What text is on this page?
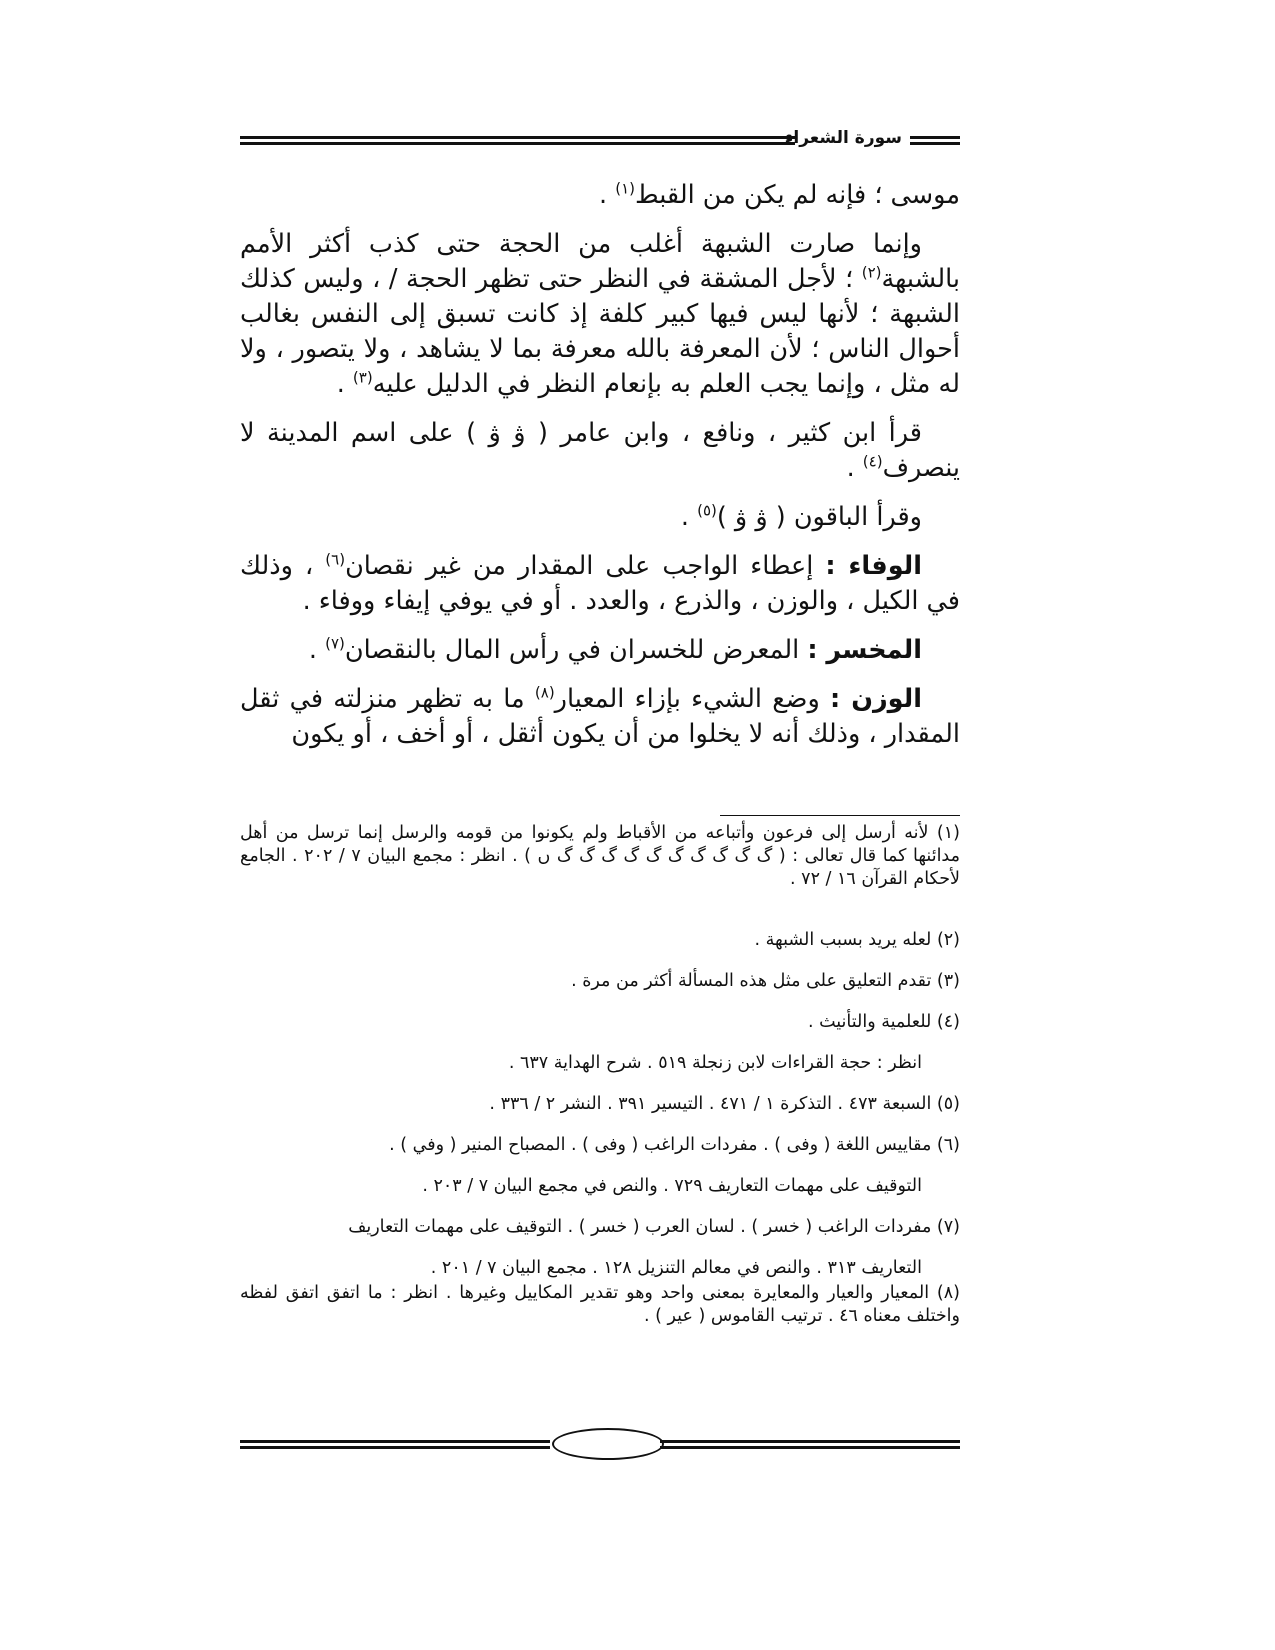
سورة الشعراء

موسى ؛ فإنه لم يكن من القبط$^{(١)}$ .

وإنما صارت الشبهة أغلب من الحجة حتى كذب أكثر الأمم بالشبهة$^{(٢)}$ ؛ لأجل المشقة في النظر حتى تظهر الحجة / ، وليس كذلك الشبهة ؛ لأنها ليس فيها كبير كلفة إذ كانت تسبق إلى النفس بغالب أحوال الناس ؛ لأن المعرفة بالله معرفة بما لا يشاهد ، ولا يتصور ، ولا له مثل ، وإنما يجب العلم به بإنعام النظر في الدليل عليه$^{(٣)}$ .

قرأ ابن كثير ، ونافع ، وابن عامر ( ۋ ۋ ) على اسم المدينة لا ينصرف$^{(٤)}$ .

وقرأ الباقون ( ۋ ۋ )$^{(٥)}$ .

الوفاء : إعطاء الواجب على المقدار من غير نقصان$^{(٦)}$ ، وذلك في الكيل ، والوزن ، والذرع ، والعدد . أو في يوفي إيفاء ووفاء .

المخسر : المعرض للخسران في رأس المال بالنقصان$^{(٧)}$ .

الوزن : وضع الشيء بإزاء المعيار$^{(٨)}$ ما به تظهر منزلته في ثقل المقدار ، وذلك أنه لا يخلوا من أن يكون أثقل ، أو أخف ، أو يكون

(١) لأنه أرسل إلى فرعون وأتباعه من الأقباط ولم يكونوا من قومه والرسل إنما ترسل من أهل مدائنها كما قال تعالى : ( گ گ گ گ گ گ گ گ گ گ ں ) . انظر : مجمع البيان ٧ / ٢٠٢ . الجامع لأحكام القرآن ١٦ / ٧٢ .

(٢) لعله يريد بسبب الشبهة .

(٣) تقدم التعليق على مثل هذه المسألة أكثر من مرة .

(٤) للعلمية والتأنيث .

انظر : حجة القراءات لابن زنجلة ٥١٩ . شرح الهداية ٦٣٧ .

(٥) السبعة ٤٧٣ . التذكرة ١ / ٤٧١ . التيسير ٣٩١ . النشر ٢ / ٣٣٦ .

(٦) مقاييس اللغة ( وفى ) . مفردات الراغب ( وفى ) . المصباح المنير ( وفي ) .

التوقيف على مهمات التعاريف ٧٢٩ . والنص في مجمع البيان ٧ / ٢٠٣ .

(٧) مفردات الراغب ( خسر ) . لسان العرب ( خسر ) . التوقيف على مهمات التعاريف

التعاريف ٣١٣ . والنص في معالم التنزيل ١٢٨ . مجمع البيان ٧ / ٢٠١ .

(٨) المعيار والعيار والمعايرة بمعنى واحد وهو تقدير المكاييل وغيرها . انظر : ما اتفق اتفق لفظه واختلف معناه ٤٦ . ترتيب القاموس ( عير ) .
